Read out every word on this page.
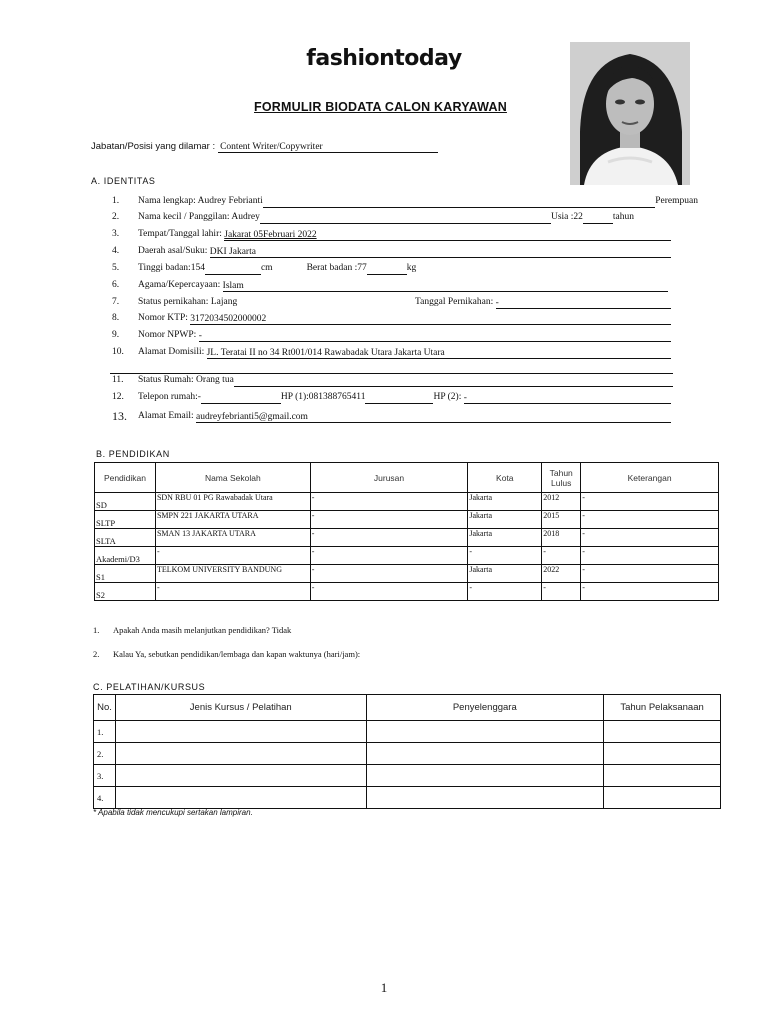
fashiontoday
FORMULIR BIODATA CALON KARYAWAN
Jabatan/Posisi yang dilamar : Content Writer/Copywriter
A. IDENTITAS
1.	Nama lengkap: Audrey Febrianti	Perempuan
2.	Nama kecil / Panggilan: Audrey	Usia :22	tahun
3.	Tempat/Tanggal lahir:
Jakarat 05Februari 2022
4.	Daerah asal/Suku:
DKI Jakarta
5.	Tinggi badan:154	cm	Berat badan :77	kg
6.	Agama/Kepercayaan:
Islam
7.	Status pernikahan: Lajang	Tanggal Pernikahan:
-
8.	Nomor KTP:
3172034502000002
9.	Nomor NPWP:
-
10.	Alamat Domisili:
JL. Teratai II no 34 Rt001/014 Rawabadak Utara Jakarta Utara
11.	Status Rumah: Orang tua
12.	Telepon rumah:-	HP (1):081388765411	HP (2):
-
13.	Alamat Email:
audreyfebrianti5@gmail.com
B. PENDIDIKAN
Pendidikan	Nama Sekolah	Jurusan	Kota	Tahun Lulus	Keterangan
SD	SDN RBU 01 PG Rawabadak Utara	-	Jakarta	2012	-
SLTP	SMPN 221 JAKARTA UTARA	-	Jakarta	2015	-
SLTA	SMAN 13 JAKARTA UTARA	-	Jakarta	2018	-
Akademi/D3	-	-	-	-	-
S1	TELKOM UNIVERSITY BANDUNG	-	Jakarta	2022	-
S2	-	-	-	-	-
1. Apakah Anda masih melanjutkan pendidikan? Tidak
2. Kalau Ya, sebutkan pendidikan/lembaga dan kapan waktunya (hari/jam):
C. PELATIHAN/KURSUS
No.	Jenis Kursus / Pelatihan	Penyelenggara	Tahun Pelaksanaan
1.			
2.			
3.			
4.			
* Apabila tidak mencukupi sertakan lampiran.
1
